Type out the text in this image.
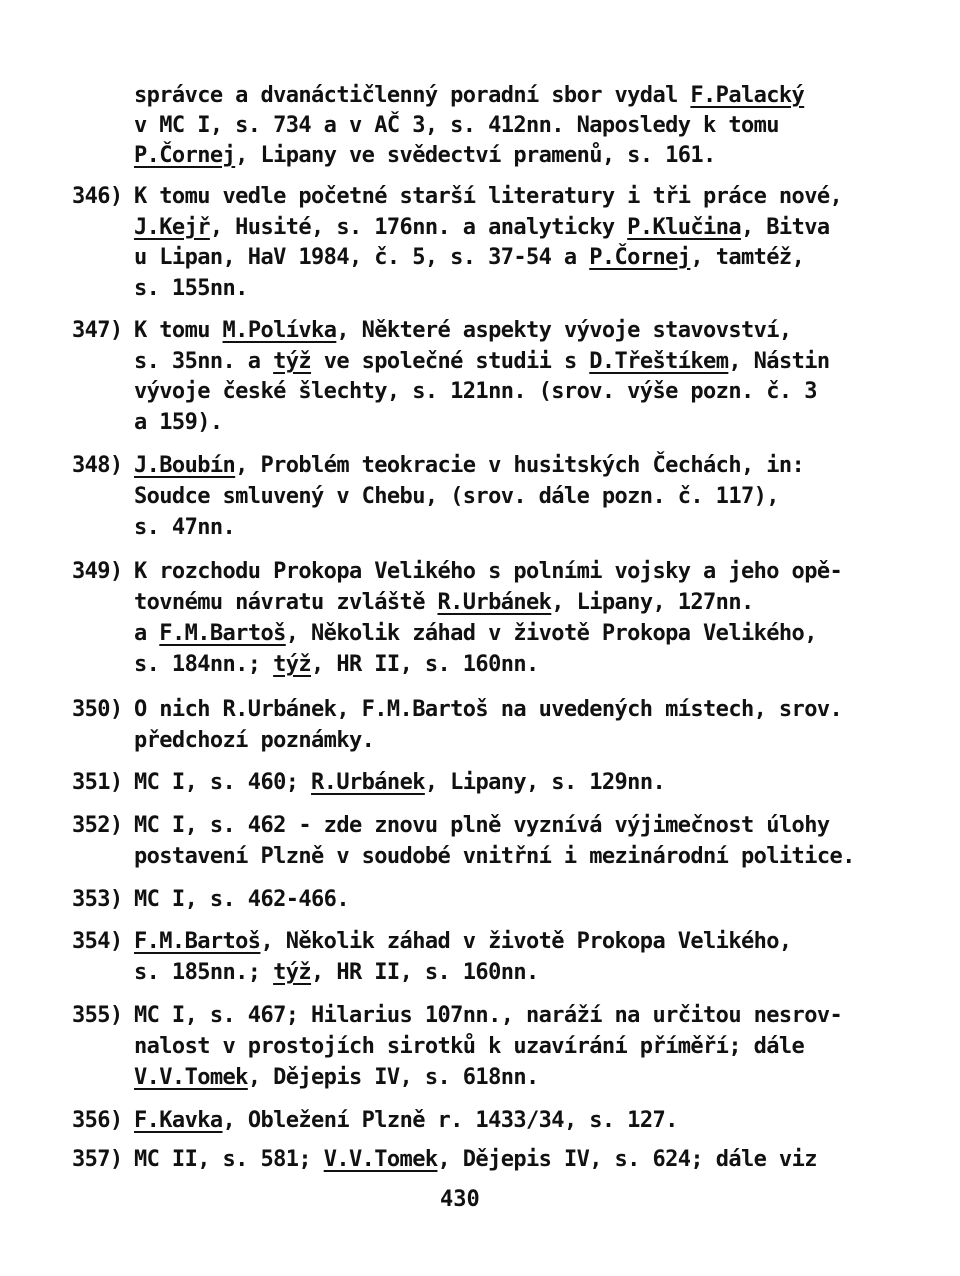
správce a dvanáctičlenný poradní sbor vydal F.Palacký
v MC I, s. 734 a v AČ 3, s. 412nn. Naposledy k tomu
P.Čornej, Lipany ve svědectví pramenů, s. 161.
346) K tomu vedle početné starší literatury i tři práce nové,
J.Kejř, Husité, s. 176nn. a analyticky P.Klučina, Bitva
u Lipan, HaV 1984, č. 5, s. 37-54 a P.Čornej, tamtéž,
s. 155nn.
347) K tomu M.Polívka, Některé aspekty vývoje stavovství,
s. 35nn. a týž ve společné studii s D.Třeštíkem, Nástin
vývoje české šlechty, s. 121nn. (srov. výše pozn. č. 3
a 159).
348) J.Boubín, Problém teokracie v husitských Čechách, in:
Soudce smluvený v Chebu, (srov. dále pozn. č. 117),
s. 47nn.
349) K rozchodu Prokopa Velikého s polními vojsky a jeho opě-
tovnému návratu zvláště R.Urbánek, Lipany, 127nn.
a F.M.Bartoš, Několik záhad v životě Prokopa Velikého,
s. 184nn.; týž, HR II, s. 160nn.
350) O nich R.Urbánek, F.M.Bartoš na uvedených místech, srov.
předchozí poznámky.
351) MC I, s. 460; R.Urbánek, Lipany, s. 129nn.
352) MC I, s. 462 - zde znovu plně vyznívá výjimečnost úlohy
postavení Plzně v soudobé vnitřní i mezinárodní politice.
353) MC I, s. 462-466.
354) F.M.Bartoš, Několik záhad v životě Prokopa Velikého,
s. 185nn.; týž, HR II, s. 160nn.
355) MC I, s. 467; Hilarius 107nn., naráží na určitou nesrov-
nalost v prostojích sirotků k uzavírání příměří; dále
V.V.Tomek, Dějepis IV, s. 618nn.
356) F.Kavka, Obležení Plzně r. 1433/34, s. 127.
357) MC II, s. 581; V.V.Tomek, Dějepis IV, s. 624; dále viz
430
